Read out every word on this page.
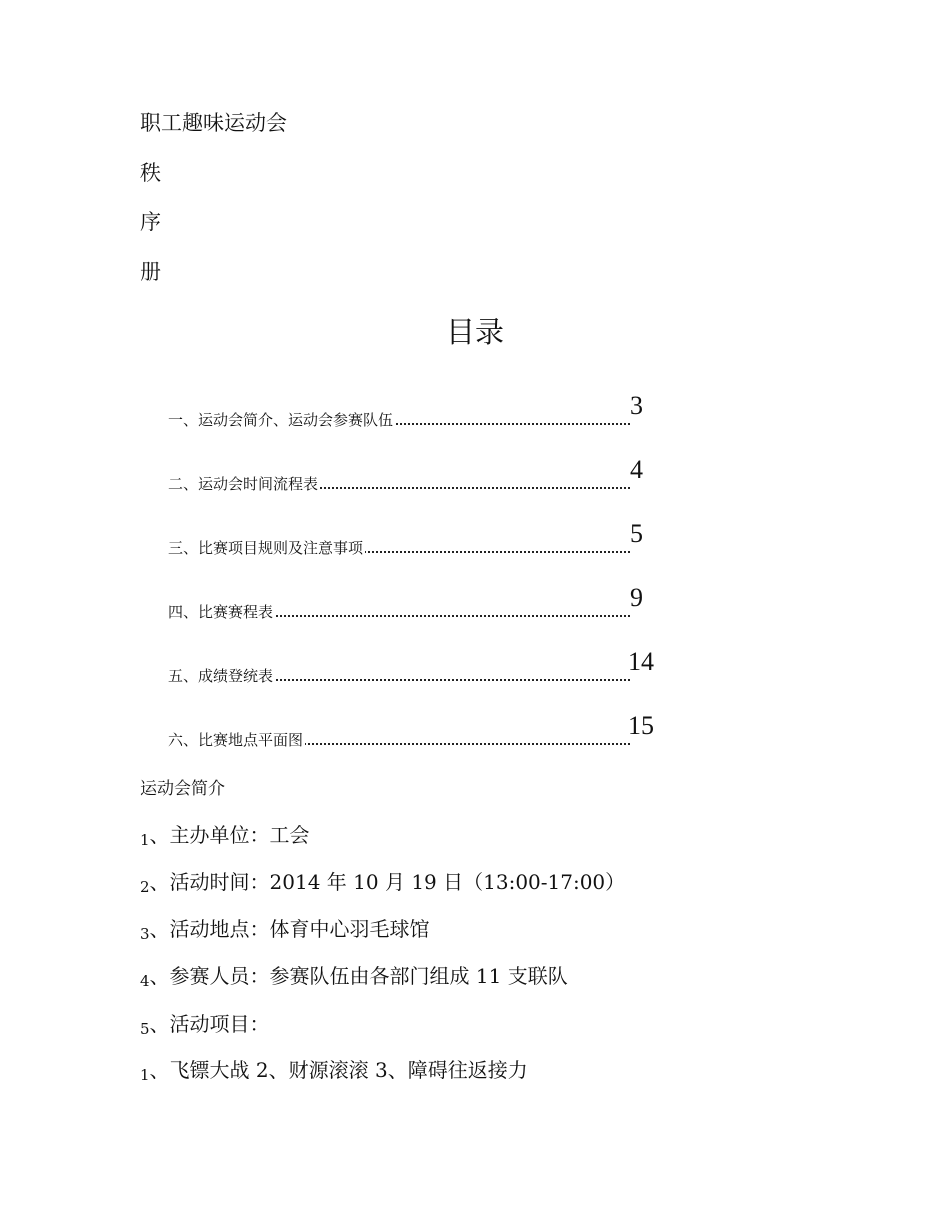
职工趣味运动会
秩
序
册
目录
一、运动会简介、运动会参赛队伍	3
二、运动会时间流程表	4
三、比赛项目规则及注意事项	5
四、比赛赛程表	9
五、成绩登统表	14
六、比赛地点平面图	15
运动会简介
1、主办单位：工会
2、活动时间：2014 年 10 月 19 日（13:00-17:00）
3、活动地点：体育中心羽毛球馆
4、参赛人员：参赛队伍由各部门组成 11 支联队
5、活动项目：
1、飞镖大战 2、财源滚滚 3、障碍往返接力
